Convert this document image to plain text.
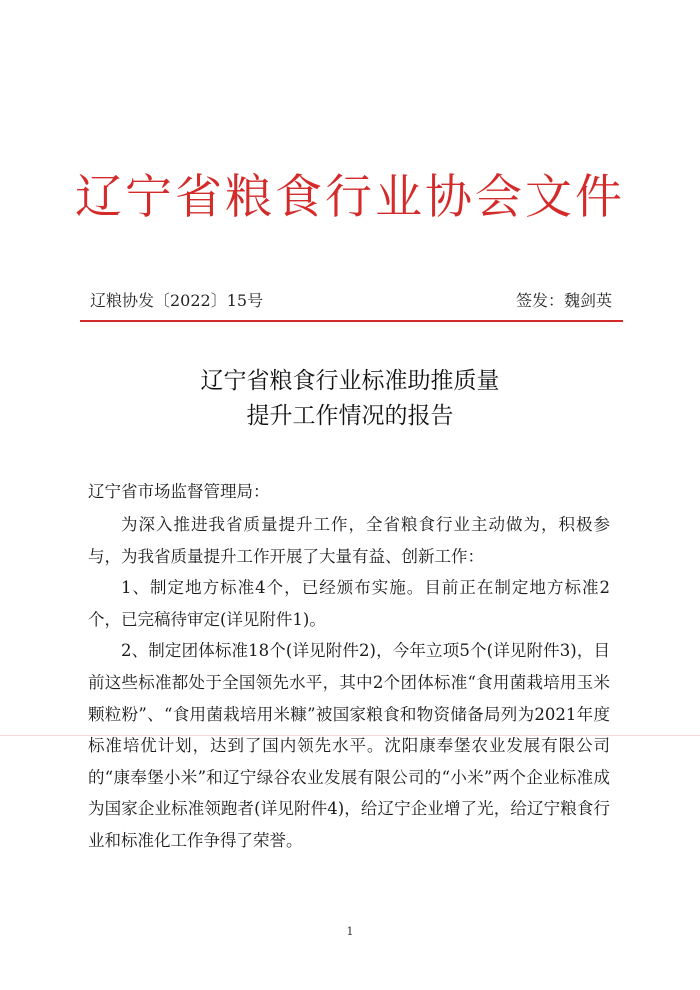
辽宁省粮食行业协会文件
辽粮协发〔2022〕15号	签发：魏剑英
辽宁省粮食行业标准助推质量
提升工作情况的报告
辽宁省市场监督管理局：

为深入推进我省质量提升工作，全省粮食行业主动做为，积极参与，为我省质量提升工作开展了大量有益、创新工作：

1、制定地方标准4个，已经颁布实施。目前正在制定地方标准2个，已完稿待审定(详见附件1)。

2、制定团体标准18个(详见附件2)，今年立项5个(详见附件3)，目前这些标准都处于全国领先水平，其中2个团体标准“食用菌栽培用玉米颗粒粉”、“食用菌栽培用米糠”被国家粮食和物资储备局列为2021年度标准培优计划，达到了国内领先水平。沈阳康奉堡农业发展有限公司的“康奉堡小米”和辽宁绿谷农业发展有限公司的“小米”两个企业标准成为国家企业标准领跑者(详见附件4)，给辽宁企业增了光，给辽宁粮食行业和标准化工作争得了荣誉。

1
